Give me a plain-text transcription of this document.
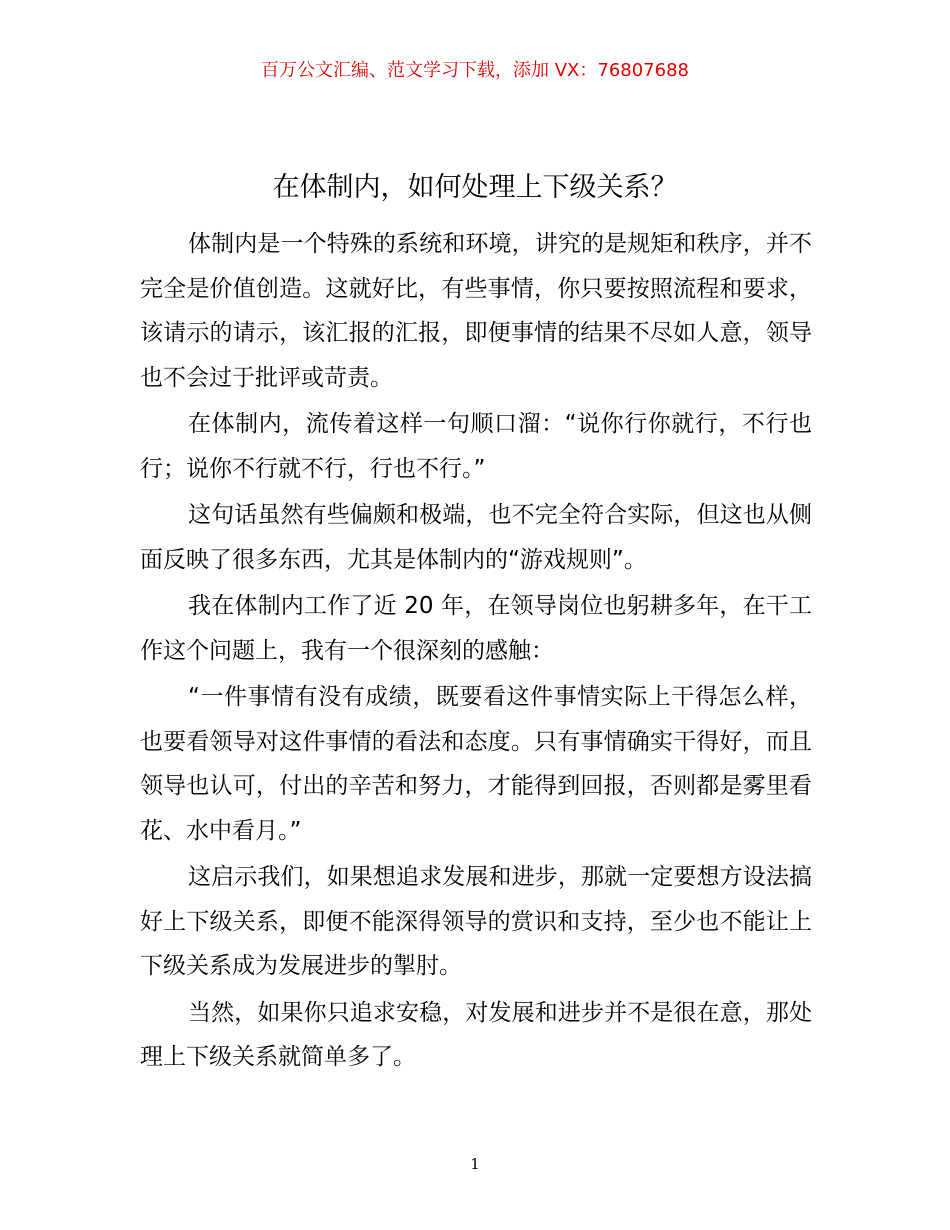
百万公文汇编、范文学习下载，添加 VX：76807688
在体制内，如何处理上下级关系？

体制内是一个特殊的系统和环境，讲究的是规矩和秩序，并不完全是价值创造。这就好比，有些事情，你只要按照流程和要求，该请示的请示，该汇报的汇报，即便事情的结果不尽如人意，领导也不会过于批评或苛责。

在体制内，流传着这样一句顺口溜：“说你行你就行，不行也行；说你不行就不行，行也不行。”

这句话虽然有些偏颇和极端，也不完全符合实际，但这也从侧面反映了很多东西，尤其是体制内的“游戏规则”。

我在体制内工作了近 20 年，在领导岗位也躬耕多年，在干工作这个问题上，我有一个很深刻的感触：

“一件事情有没有成绩，既要看这件事情实际上干得怎么样，也要看领导对这件事情的看法和态度。只有事情确实干得好，而且领导也认可，付出的辛苦和努力，才能得到回报，否则都是雾里看花、水中看月。”

这启示我们，如果想追求发展和进步，那就一定要想方设法搞好上下级关系，即便不能深得领导的赏识和支持，至少也不能让上下级关系成为发展进步的掣肘。

当然，如果你只追求安稳，对发展和进步并不是很在意，那处理上下级关系就简单多了。

1
